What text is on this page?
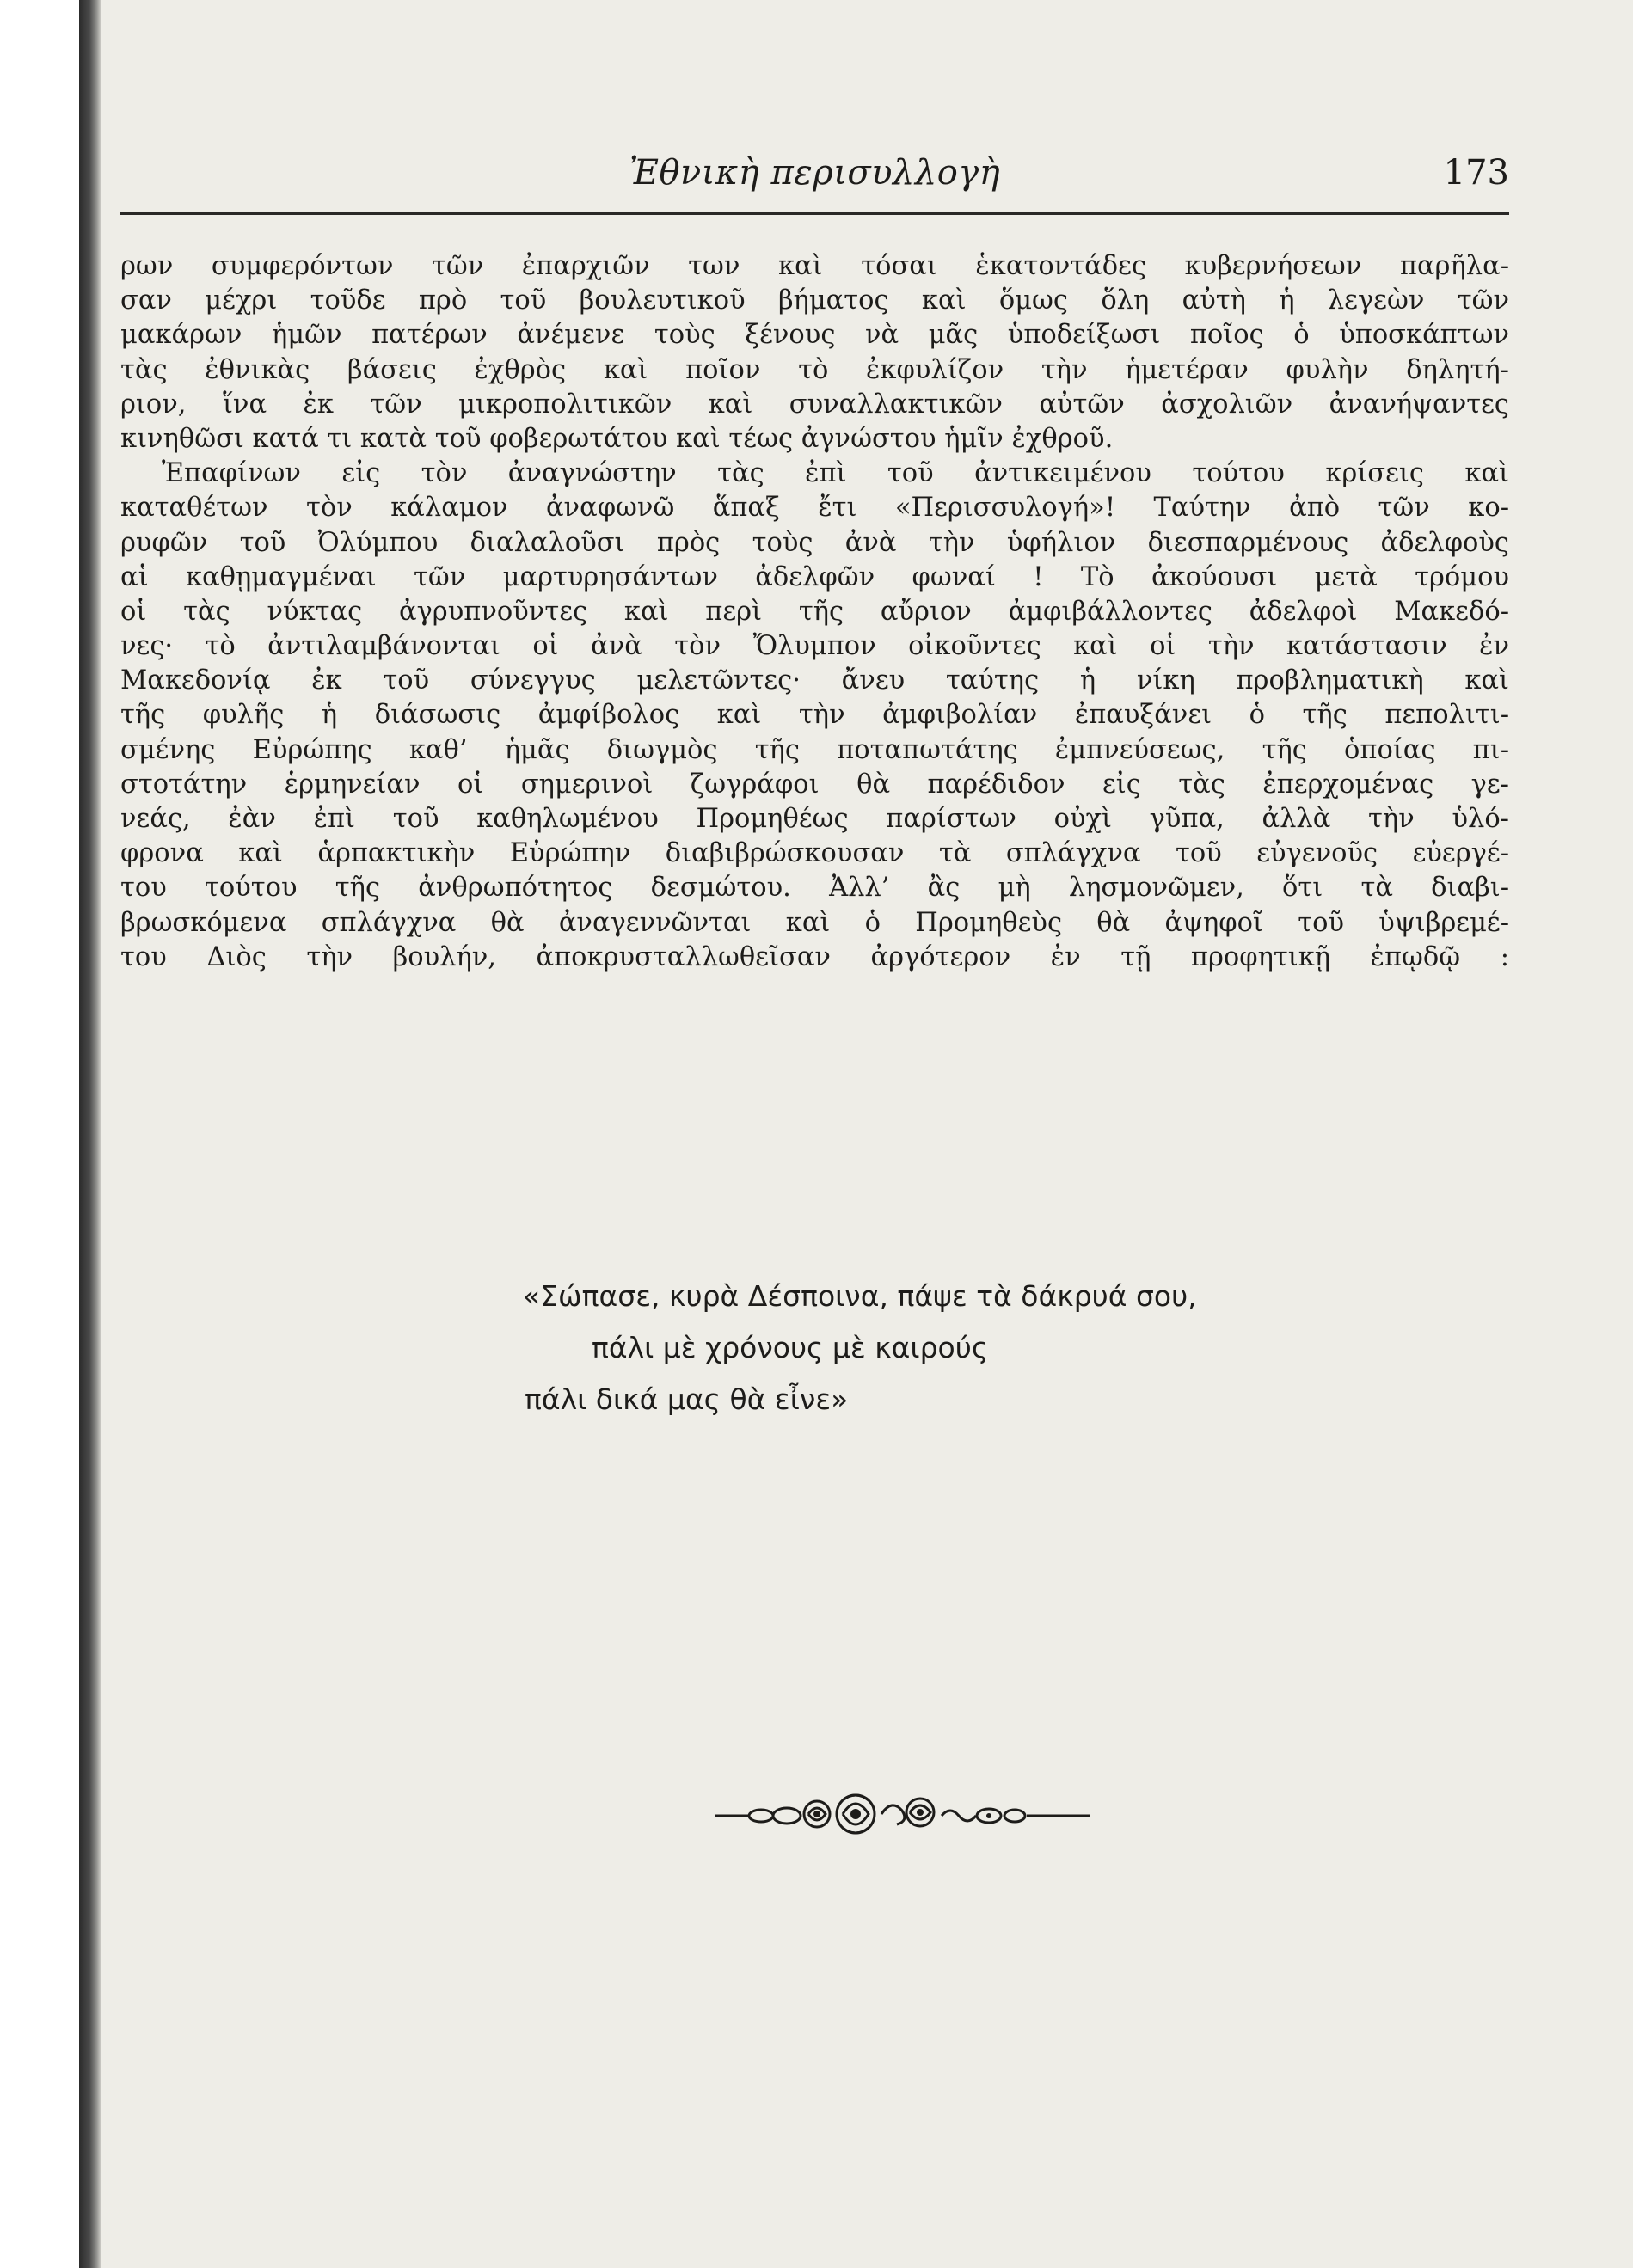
Ἐθνικὴ περισυλλογὴ	173
ρων συμφερόντων τῶν ἐπαρχιῶν των καὶ τόσαι ἑκατοντάδες κυβερνήσεων παρῆλα-
σαν μέχρι τοῦδε πρὸ τοῦ βουλευτικοῦ βήματος καὶ ὅμως ὅλη αὐτὴ ἡ λεγεὼν τῶν
μακάρων ἡμῶν πατέρων ἀνέμενε τοὺς ξένους νὰ μᾶς ὑποδείξωσι ποῖος ὁ ὑποσκάπτων
τὰς ἐθνικὰς βάσεις ἐχθρὸς καὶ ποῖον τὸ ἐκφυλίζον τὴν ἡμετέραν φυλὴν δηλητή-
ριον, ἵνα ἐκ τῶν μικροπολιτικῶν καὶ συναλλακτικῶν αὐτῶν ἀσχολιῶν ἀνανήψαντες
κινηθῶσι κατά τι κατὰ τοῦ φοβερωτάτου καὶ τέως ἀγνώστου ἡμῖν ἐχθροῦ.
Ἐπαφίνων εἰς τὸν ἀναγνώστην τὰς ἐπὶ τοῦ ἀντικειμένου τούτου κρίσεις καὶ
καταθέτων τὸν κάλαμον ἀναφωνῶ ἅπαξ ἔτι «Περισσυλογή»! Ταύτην ἀπὸ τῶν κο-
ρυφῶν τοῦ Ὀλύμπου διαλαλοῦσι πρὸς τοὺς ἀνὰ τὴν ὑφήλιον διεσπαρμένους ἀδελφοὺς
αἱ καθῃμαγμέναι τῶν μαρτυρησάντων ἀδελφῶν φωναί ! Τὸ ἀκούουσι μετὰ τρόμου
οἱ τὰς νύκτας ἀγρυπνοῦντες καὶ περὶ τῆς αὔριον ἀμφιβάλλοντες ἀδελφοὶ Μακεδό-
νες· τὸ ἀντιλαμβάνονται οἱ ἀνὰ τὸν Ὄλυμπον οἰκοῦντες καὶ οἱ τὴν κατάστασιν ἐν
Μακεδονίᾳ ἐκ τοῦ σύνεγγυς μελετῶντες· ἄνευ ταύτης ἡ νίκη προβληματικὴ καὶ
τῆς φυλῆς ἡ διάσωσις ἀμφίβολος καὶ τὴν ἀμφιβολίαν ἐπαυξάνει ὁ τῆς πεπολιτι-
σμένης Εὐρώπης καθ’ ἡμᾶς διωγμὸς τῆς ποταπωτάτης ἐμπνεύσεως, τῆς ὁποίας πι-
στοτάτην ἑρμηνείαν οἱ σημερινοὶ ζωγράφοι θὰ παρέδιδον εἰς τὰς ἐπερχομένας γε-
νεάς, ἐὰν ἐπὶ τοῦ καθηλωμένου Προμηθέως παρίστων οὐχὶ γῦπα, ἀλλὰ τὴν ὑλό-
φρονα καὶ ἁρπακτικὴν Εὐρώπην διαβιβρώσκουσαν τὰ σπλάγχνα τοῦ εὐγενοῦς εὐεργέ-
του τούτου τῆς ἀνθρωπότητος δεσμώτου. Ἀλλ’ ἂς μὴ λησμονῶμεν, ὅτι τὰ διαβι-
βρωσκόμενα σπλάγχνα θὰ ἀναγεννῶνται καὶ ὁ Προμηθεὺς θὰ ἀψηφοῖ τοῦ ὑψιβρεμέ-
του Διὸς τὴν βουλήν, ἀποκρυσταλλωθεῖσαν ἀργότερον ἐν τῇ προφητικῇ ἐπῳδῷ :
«Σώπασε, κυρὰ Δέσποινα, πάψε τὰ δάκρυά σου,
πάλι μὲ χρόνους μὲ καιρούς
πάλι δικά μας θὰ εἶνε»
